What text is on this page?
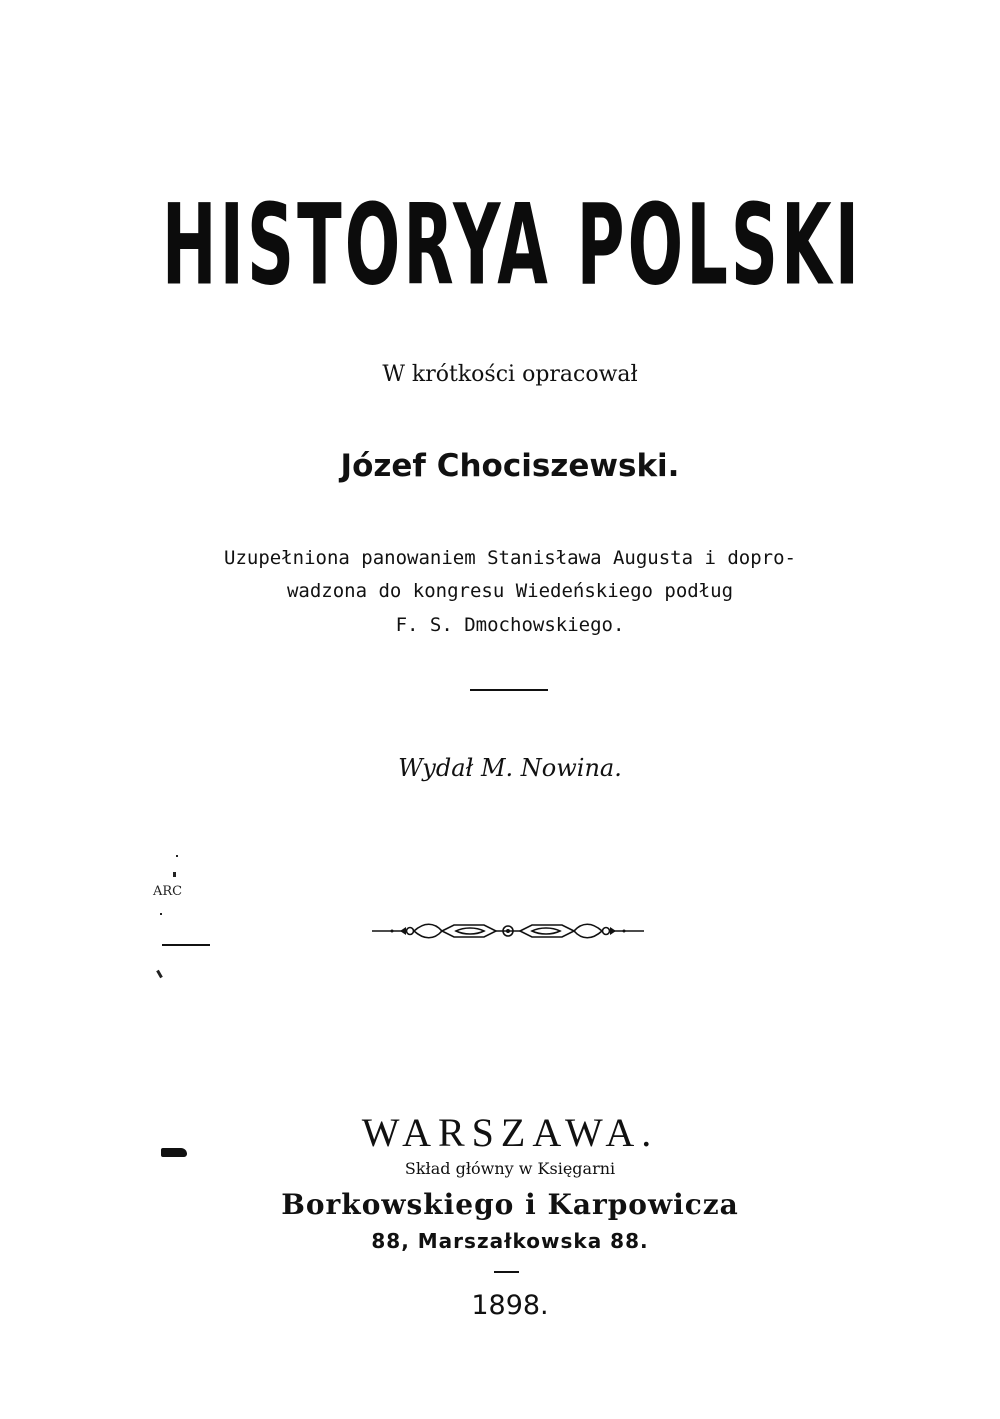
HISTORYA POLSKI
W krótkości opracował
Józef Chociszewski.
Uzupełniona panowaniem Stanisława Augusta i dopro-
wadzona do kongresu Wiedeńskiego podług
F. S. Dmochowskiego.
Wydał M. Nowina.
ARC
WARSZAWA.
Skład główny w Księgarni
Borkowskiego i Karpowicza
88, Marszałkowska 88.
1898.
